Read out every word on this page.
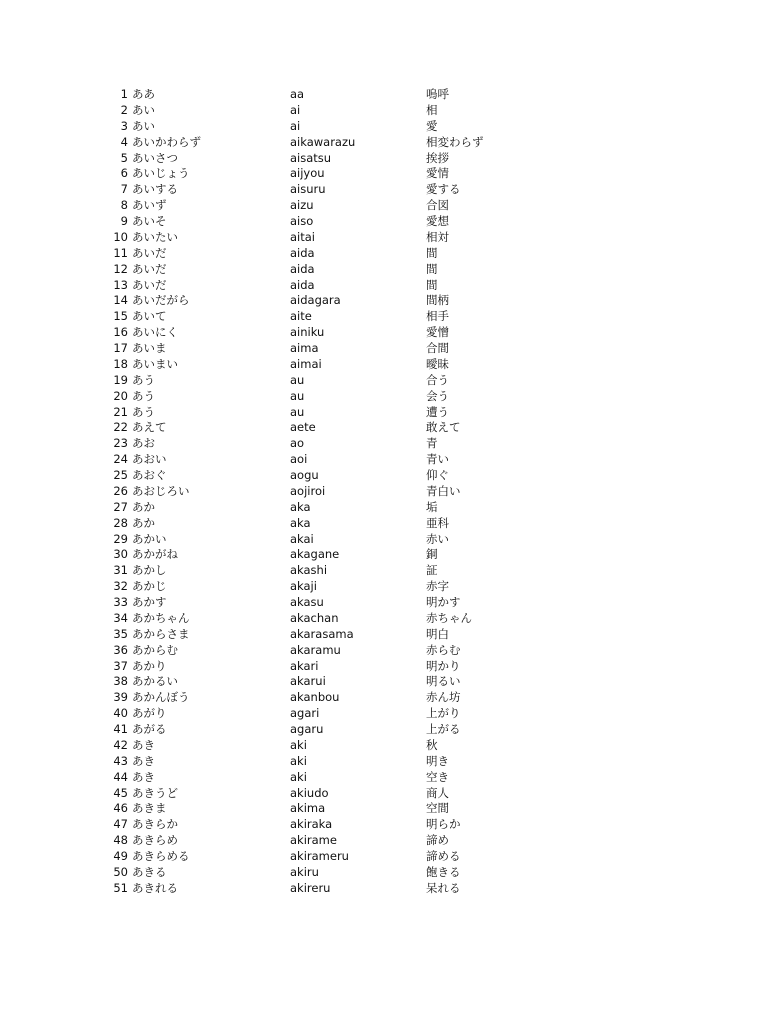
1 ああ	aa	嗚呼
2 あい	ai	相
3 あい	ai	愛
4 あいかわらず	aikawarazu	相変わらず
5 あいさつ	aisatsu	挨拶
6 あいじょう	aijyou	愛情
7 あいする	aisuru	愛する
8 あいず	aizu	合図
9 あいそ	aiso	愛想
10 あいたい	aitai	相対
11 あいだ	aida	間
12 あいだ	aida	間
13 あいだ	aida	間
14 あいだがら	aidagara	間柄
15 あいて	aite	相手
16 あいにく	ainiku	愛憎
17 あいま	aima	合間
18 あいまい	aimai	曖昧
19 あう	au	合う
20 あう	au	会う
21 あう	au	遭う
22 あえて	aete	敢えて
23 あお	ao	青
24 あおい	aoi	青い
25 あおぐ	aogu	仰ぐ
26 あおじろい	aojiroi	青白い
27 あか	aka	垢
28 あか	aka	亜科
29 あかい	akai	赤い
30 あかがね	akagane	銅
31 あかし	akashi	証
32 あかじ	akaji	赤字
33 あかす	akasu	明かす
34 あかちゃん	akachan	赤ちゃん
35 あからさま	akarasama	明白
36 あからむ	akaramu	赤らむ
37 あかり	akari	明かり
38 あかるい	akarui	明るい
39 あかんぼう	akanbou	赤ん坊
40 あがり	agari	上がり
41 あがる	agaru	上がる
42 あき	aki	秋
43 あき	aki	明き
44 あき	aki	空き
45 あきうど	akiudo	商人
46 あきま	akima	空間
47 あきらか	akiraka	明らか
48 あきらめ	akirame	諦め
49 あきらめる	akirameru	諦める
50 あきる	akiru	飽きる
51 あきれる	akireru	呆れる
